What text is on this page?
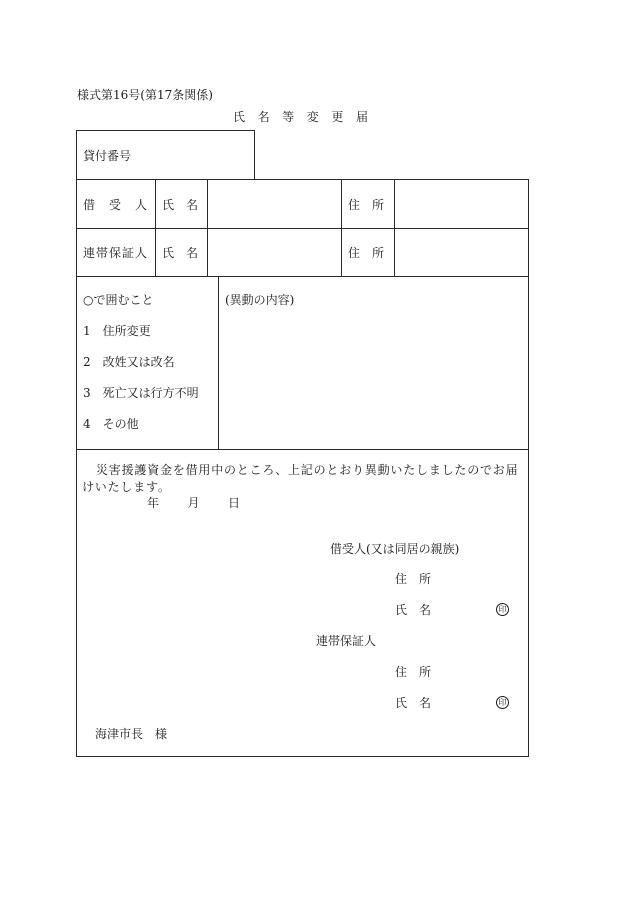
様式第16号(第17条関係)
氏　名　等　変　更　届
貸付番号
借　受　人 氏　名	住　所
連帯保証人 氏　名	住　所
○で囲むこと
1　住所変更
2　改姓又は改名
3　死亡又は行方不明
4　その他
(異動の内容)
災害援護資金を借用中のところ、上記のとおり異動いたしましたのでお届
けいたします。
年　　月　　日
借受人(又は同居の親族)
住　所
氏　名	印
連帯保証人
住　所
氏　名	印
海津市長　様
